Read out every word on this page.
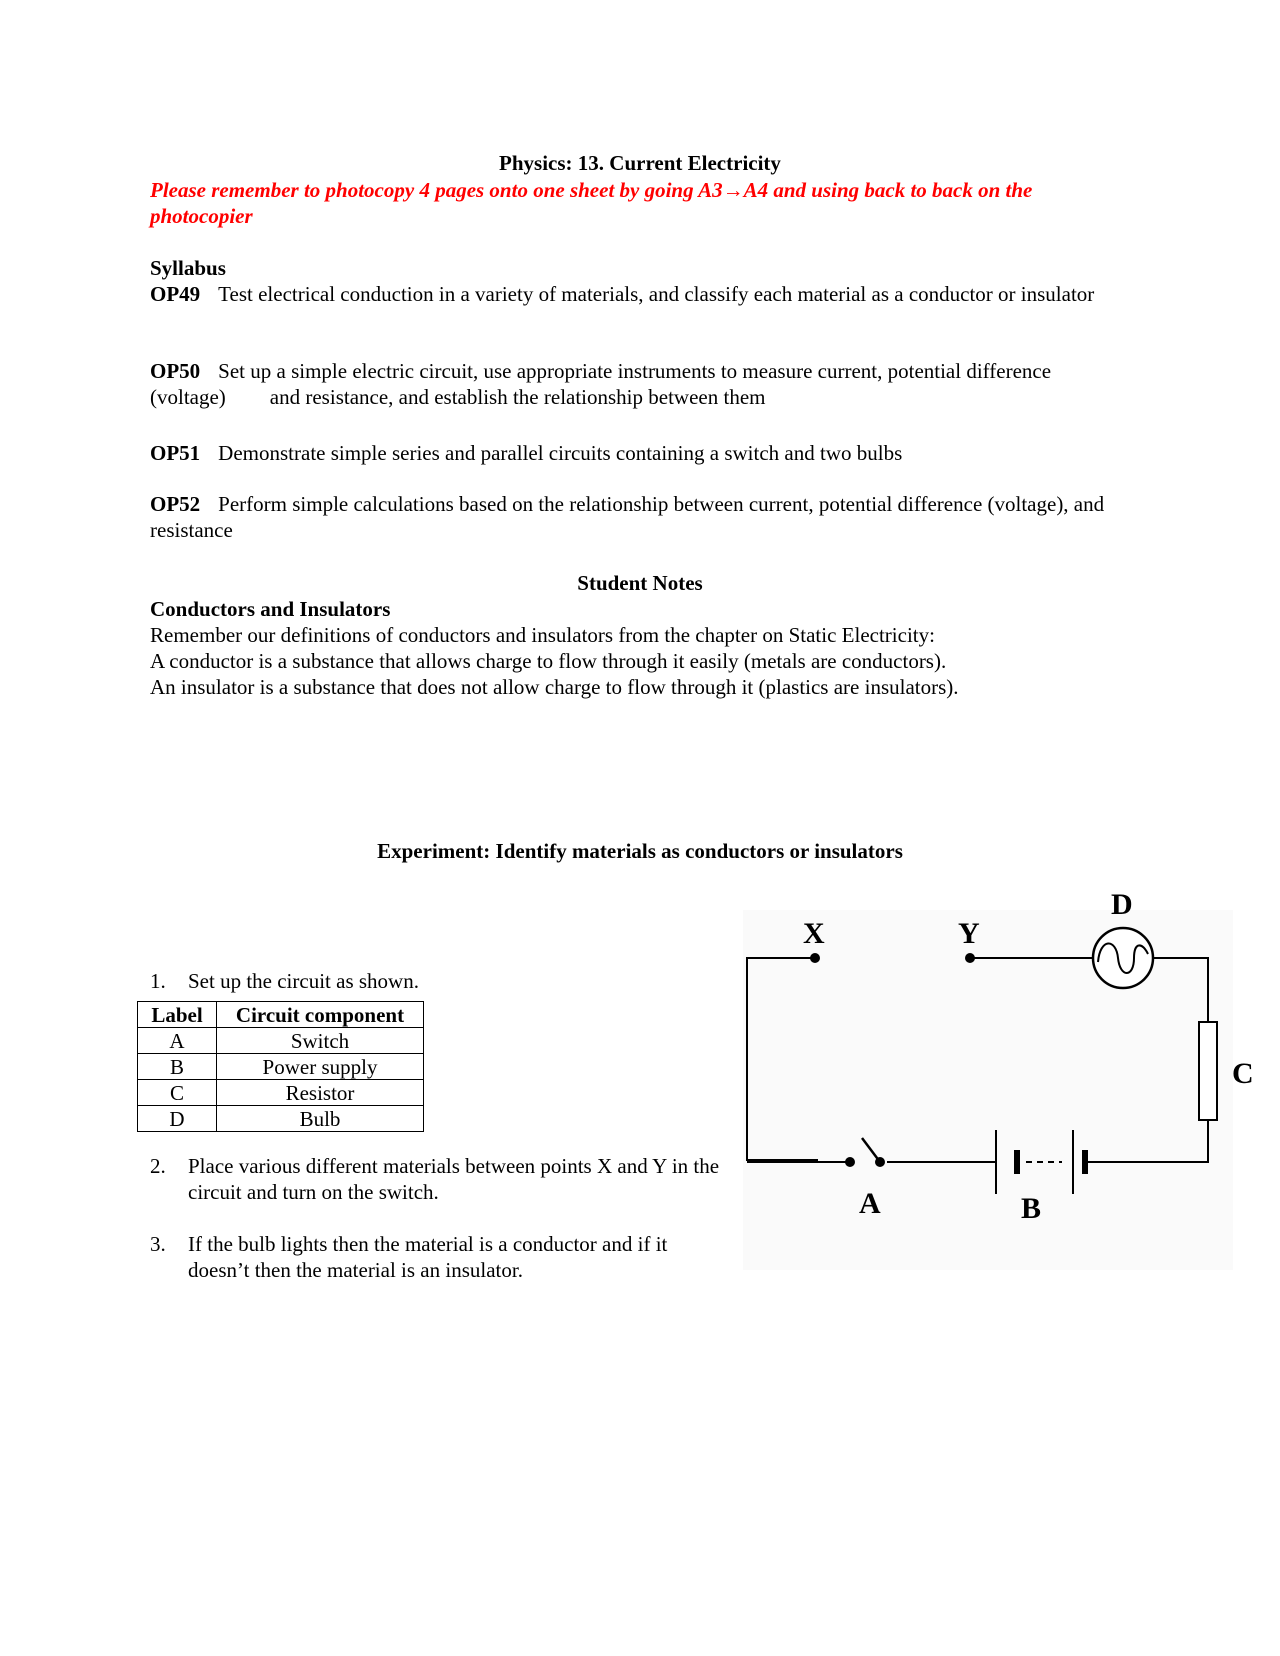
Physics: 13. Current Electricity
Please remember to photocopy 4 pages onto one sheet by going A3→A4 and using back to back on the photocopier
Syllabus
OP49 Test electrical conduction in a variety of materials, and classify each material as a conductor or insulator
OP50 Set up a simple electric circuit, use appropriate instruments to measure current, potential difference (voltage) and resistance, and establish the relationship between them
OP51 Demonstrate simple series and parallel circuits containing a switch and two bulbs
OP52 Perform simple calculations based on the relationship between current, potential difference (voltage), andresistance
Student Notes
Conductors and Insulators
Remember our definitions of conductors and insulators from the chapter on Static Electricity:
A conductor is a substance that allows charge to flow through it easily (metals are conductors).
An insulator is a substance that does not allow charge to flow through it (plastics are insulators).
Experiment: Identify materials as conductors or insulators
1. Set up the circuit as shown.
Label	Circuit component
A	Switch
B	Power supply
C	Resistor
D	Bulb
2. Place various different materials between points X and Y in the circuit and turn on the switch.
3. If the bulb lights then the material is a conductor and if it doesn’t then the material is an insulator.
X	Y
D
C
A	B
